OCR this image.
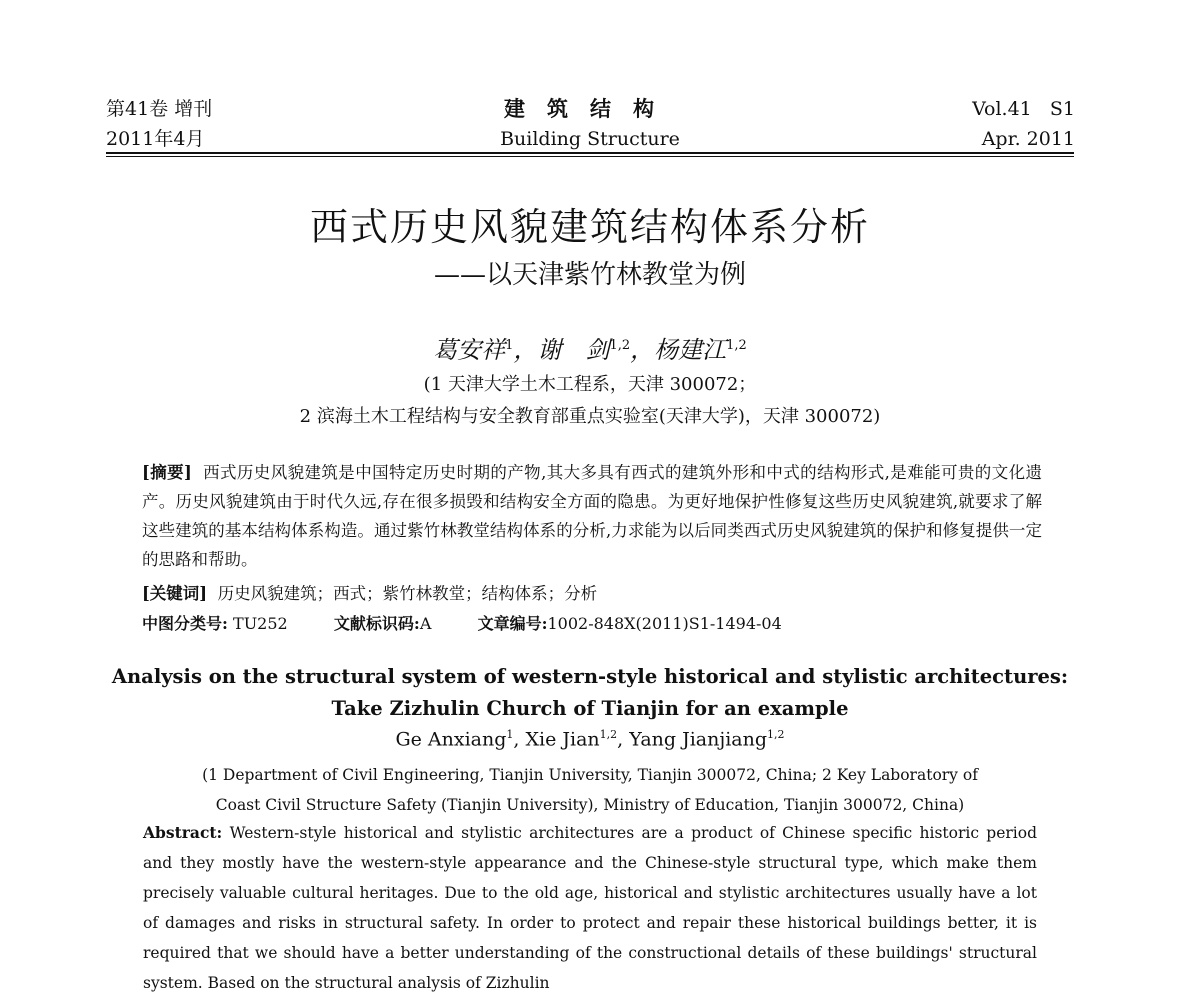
第41卷 增刊
2011年4月
建筑结构
Building Structure
Vol.41   S1
Apr. 2011
西式历史风貌建筑结构体系分析
——以天津紫竹林教堂为例
葛安祥$^1$，谢　剑$^{1,2}$，杨建江$^{1,2}$
(1 天津大学土木工程系，天津 300072；
2 滨海土木工程结构与安全教育部重点实验室(天津大学)，天津 300072)
[摘要] 西式历史风貌建筑是中国特定历史时期的产物,其大多具有西式的建筑外形和中式的结构形式,是难能可贵的文化遗产。历史风貌建筑由于时代久远,存在很多损毁和结构安全方面的隐患。为更好地保护性修复这些历史风貌建筑,就要求了解这些建筑的基本结构体系构造。通过紫竹林教堂结构体系的分析,力求能为以后同类西式历史风貌建筑的保护和修复提供一定的思路和帮助。
[关键词] 历史风貌建筑；西式；紫竹林教堂；结构体系；分析
中图分类号: TU252	文献标识码:A	文章编号:1002-848X(2011)S1-1494-04
Analysis on the structural system of western-style historical and stylistic architectures:
Take Zizhulin Church of Tianjin for an example
Ge Anxiang$^1$, Xie Jian$^{1,2}$, Yang Jianjiang$^{1,2}$
(1 Department of Civil Engineering, Tianjin University, Tianjin 300072, China; 2 Key Laboratory of
Coast Civil Structure Safety (Tianjin University), Ministry of Education, Tianjin 300072, China)
Abstract: Western-style historical and stylistic architectures are a product of Chinese specific historic period and they mostly have the western-style appearance and the Chinese-style structural type, which make them precisely valuable cultural heritages. Due to the old age, historical and stylistic architectures usually have a lot of damages and risks in structural safety. In order to protect and repair these historical buildings better, it is required that we should have a better understanding of the constructional details of these buildings' structural system. Based on the structural analysis of Zizhulin
